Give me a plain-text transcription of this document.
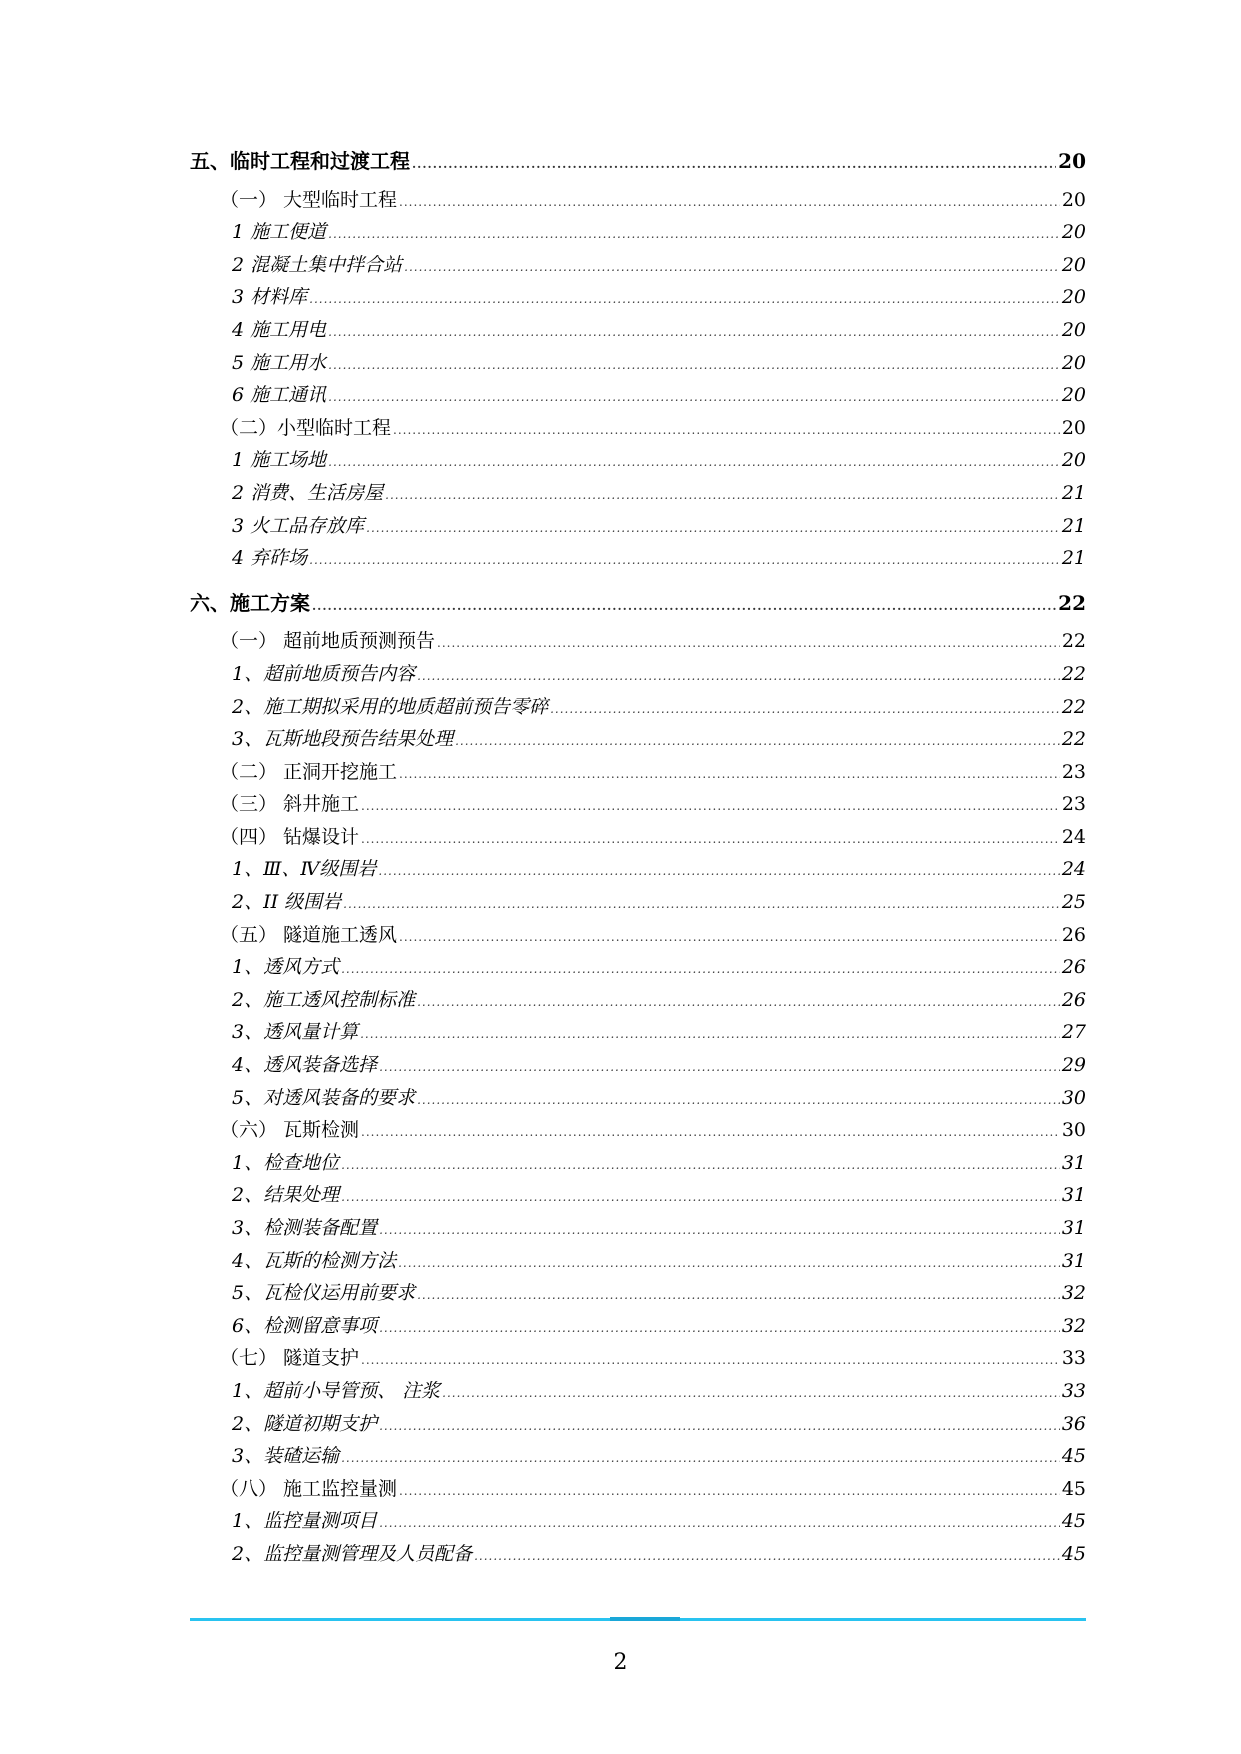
五、临时工程和过渡工程 .....	20
（一） 大型临时工程 .....	20
1 施工便道 .....	20
2 混凝土集中拌合站 .....	20
3 材料库 .....	20
4 施工用电 .....	20
5 施工用水 .....	20
6 施工通讯 .....	20
（二）小型临时工程 .....	20
1 施工场地 .....	20
2 消费、生活房屋 .....	21
3 火工品存放库 .....	21
4 弃砟场 .....	21
六、施工方案 .....	22
（一） 超前地质预测预告 .....	22
1、超前地质预告内容 .....	22
2、施工期拟采用的地质超前预告零碎 .....	22
3、瓦斯地段预告结果处理 .....	22
（二） 正洞开挖施工 .....	23
（三） 斜井施工 .....	23
（四） 钻爆设计 .....	24
1、Ⅲ、Ⅳ级围岩 .....	24
2、II 级围岩 .....	25
（五） 隧道施工透风 .....	26
1、透风方式 .....	26
2、施工透风控制标准 .....	26
3、透风量计算 .....	27
4、透风装备选择 .....	29
5、对透风装备的要求 .....	30
（六） 瓦斯检测 .....	30
1、检查地位 .....	31
2、结果处理 .....	31
3、检测装备配置 .....	31
4、瓦斯的检测方法 .....	31
5、瓦检仪运用前要求 .....	32
6、检测留意事项 .....	32
（七） 隧道支护 .....	33
1、超前小导管预、 注浆 .....	33
2、隧道初期支护 .....	36
3、装碴运输 .....	45
（八） 施工监控量测 .....	45
1、监控量测项目 .....	45
2、监控量测管理及人员配备 .....	45
2
